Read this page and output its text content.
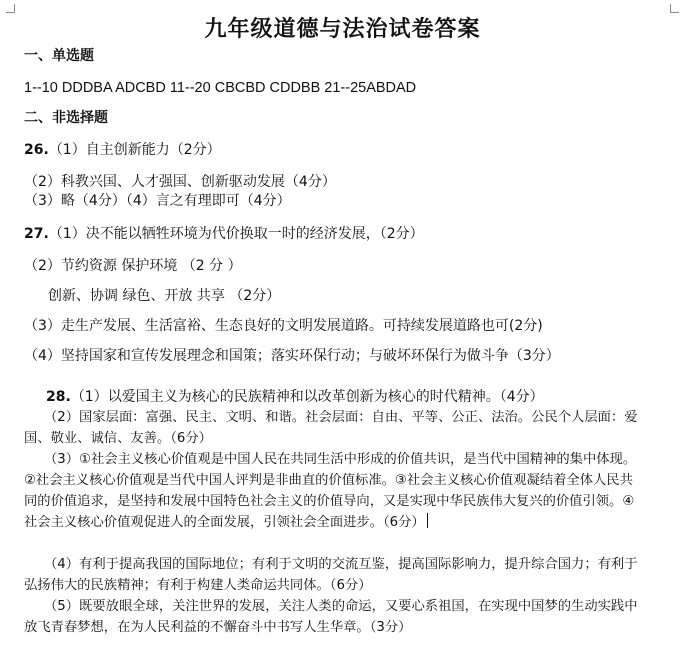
九年级道德与法治试卷答案
一、单选题
1--10 DDDBA ADCBD 11--20 CBCBD CDDBB 21--25ABDAD
二、非选择题
26.（1）自主创新能力（2分）
（2）科教兴国、人才强国、创新驱动发展（4分）
（3）略（4分）（4）言之有理即可（4分）
27.（1）决不能以牺牲环境为代价换取一时的经济发展，（2分）
（2）节约资源 保护环境 （2 分 ）
创新、协调 绿色、开放 共享 （2分）
（3）走生产发展、生活富裕、生态良好的文明发展道路。可持续发展道路也可(2分)
（4）坚持国家和宣传发展理念和国策；落实环保行动；与破坏环保行为做斗争（3分）
28.（1）以爱国主义为核心的民族精神和以改革创新为核心的时代精神。（4分）
（2）国家层面：富强、民主、文明、和谐。社会层面：自由、平等、公正、法治。公民个人层面：爱国、敬业、诚信、友善。（6分）
（3）①社会主义核心价值观是中国人民在共同生活中形成的价值共识，是当代中国精神的集中体现。②社会主义核心价值观是当代中国人评判是非曲直的价值标准。③社会主义核心价值观凝结着全体人民共同的价值追求，是坚持和发展中国特色社会主义的价值导向，又是实现中华民族伟大复兴的价值引领。④社会主义核心价值观促进人的全面发展，引领社会全面进步。（6分）
（4）有利于提高我国的国际地位；有利于文明的交流互鉴，提高国际影响力，提升综合国力；有利于弘扬伟大的民族精神；有利于构建人类命运共同体。（6分）
（5）既要放眼全球，关注世界的发展，关注人类的命运，又要心系祖国，在实现中国梦的生动实践中放飞青春梦想，在为人民利益的不懈奋斗中书写人生华章。（3分）
